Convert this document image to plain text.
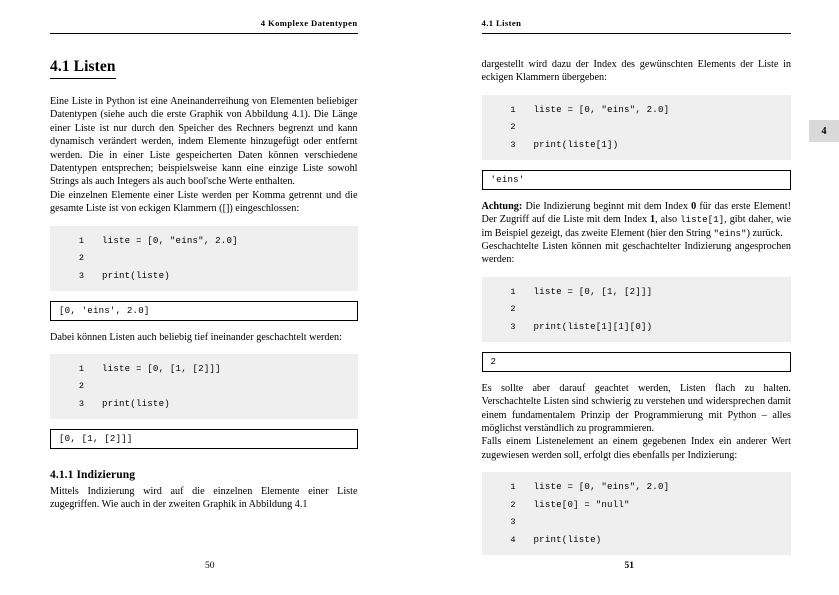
4 Komplexe Datentypen
4.1 Listen

Eine Liste in Python ist eine Aneinanderreihung von Elementen beliebiger Datentypen (siehe auch die erste Graphik von Abbildung 4.1). Die Länge einer Liste ist nur durch den Speicher des Rechners begrenzt und kann dynamisch verändert werden, indem Elemente hinzugefügt oder entfernt werden. Die in einer Liste gespeicherten Daten können verschiedene Datentypen entsprechen; beispielsweise kann eine einzige Liste sowohl Strings als auch Integers als auch bool'sche Werte enthalten.

Die einzelnen Elemente einer Liste werden per Komma getrennt und die gesamte Liste ist von eckigen Klammern ([]) eingeschlossen:

1	liste = [0, "eins", 2.0]
2
3	print(liste)
[0, 'eins', 2.0]

Dabei können Listen auch beliebig tief ineinander geschachtelt werden:

1	liste = [0, [1, [2]]]
2
3	print(liste)
[0, [1, [2]]]
4.1.1 Indizierung

Mittels Indizierung wird auf die einzelnen Elemente einer Liste zugegriffen. Wie auch in der zweiten Graphik in Abbildung 4.1

50
4.1 Listen
4

dargestellt wird dazu der Index des gewünschten Elements der Liste in eckigen Klammern übergeben:

1	liste = [0, "eins", 2.0]
2
3	print(liste[1])
'eins'

Achtung: Die Indizierung beginnt mit dem Index 0 für das erste Element! Der Zugriff auf die Liste mit dem Index 1, also liste[1], gibt daher, wie im Beispiel gezeigt, das zweite Element (hier den String "eins") zurück.

Geschachtelte Listen können mit geschachtelter Indizierung angesprochen werden:

1	liste = [0, [1, [2]]]
2
3	print(liste[1][1][0])
2

Es sollte aber darauf geachtet werden, Listen flach zu halten. Verschachtelte Listen sind schwierig zu verstehen und widersprechen damit einem fundamentalem Prinzip der Programmierung mit Python – alles möglichst verständlich zu programmieren.

Falls einem Listenelement an einem gegebenen Index ein anderer Wert zugewiesen werden soll, erfolgt dies ebenfalls per Indizierung:

1	liste = [0, "eins", 2.0]
2	liste[0] = "null"
3
4	print(liste)
51
